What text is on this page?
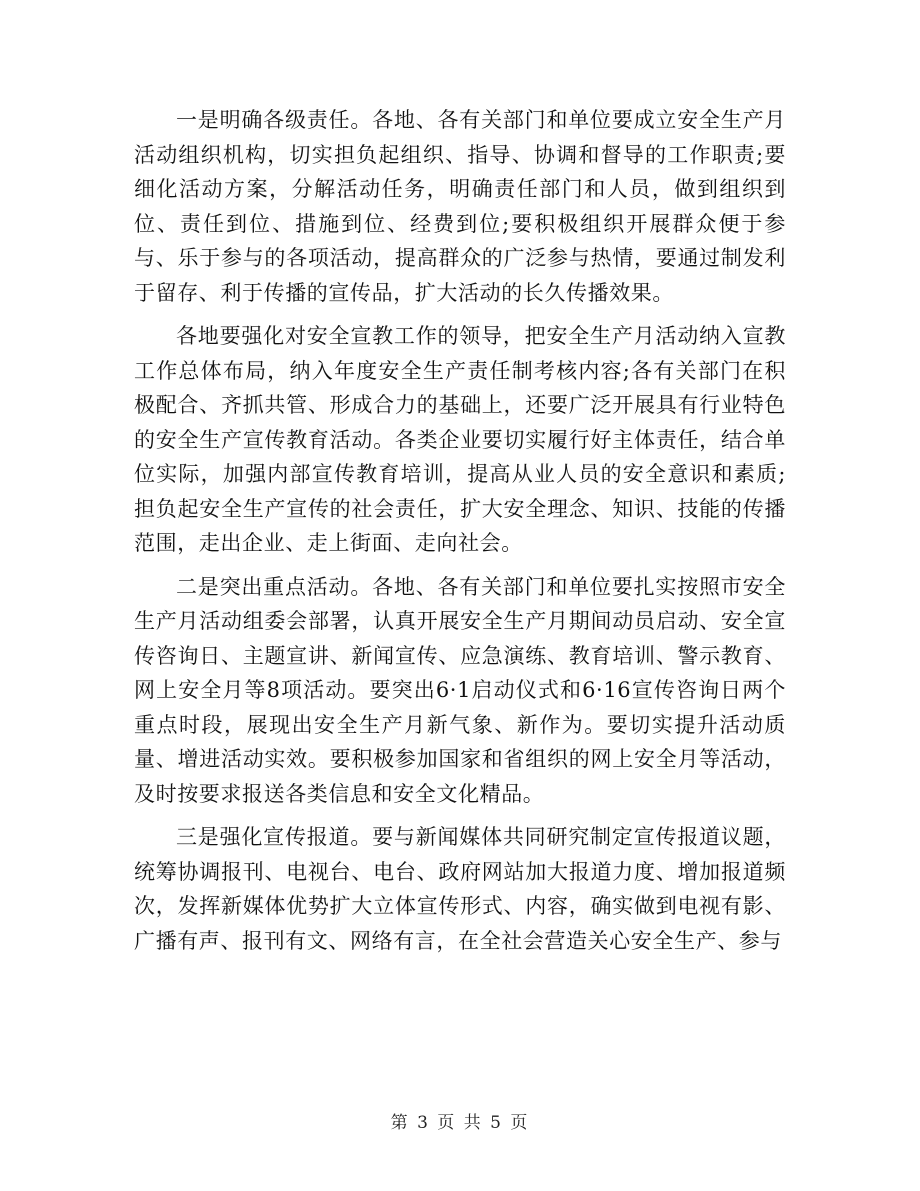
一是明确各级责任。各地、各有关部门和单位要成立安全生产月活动组织机构，切实担负起组织、指导、协调和督导的工作职责;要细化活动方案，分解活动任务，明确责任部门和人员，做到组织到位、责任到位、措施到位、经费到位;要积极组织开展群众便于参与、乐于参与的各项活动，提高群众的广泛参与热情，要通过制发利于留存、利于传播的宣传品，扩大活动的长久传播效果。

各地要强化对安全宣教工作的领导，把安全生产月活动纳入宣教工作总体布局，纳入年度安全生产责任制考核内容;各有关部门在积极配合、齐抓共管、形成合力的基础上，还要广泛开展具有行业特色的安全生产宣传教育活动。各类企业要切实履行好主体责任，结合单位实际，加强内部宣传教育培训，提高从业人员的安全意识和素质;担负起安全生产宣传的社会责任，扩大安全理念、知识、技能的传播范围，走出企业、走上街面、走向社会。

二是突出重点活动。各地、各有关部门和单位要扎实按照市安全生产月活动组委会部署，认真开展安全生产月期间动员启动、安全宣传咨询日、主题宣讲、新闻宣传、应急演练、教育培训、警示教育、网上安全月等8项活动。要突出6·1启动仪式和6·16宣传咨询日两个重点时段，展现出安全生产月新气象、新作为。要切实提升活动质量、增进活动实效。要积极参加国家和省组织的网上安全月等活动，及时按要求报送各类信息和安全文化精品。

三是强化宣传报道。要与新闻媒体共同研究制定宣传报道议题，统筹协调报刊、电视台、电台、政府网站加大报道力度、增加报道频次，发挥新媒体优势扩大立体宣传形式、内容，确实做到电视有影、广播有声、报刊有文、网络有言，在全社会营造关心安全生产、参与

第 3 页 共 5 页
